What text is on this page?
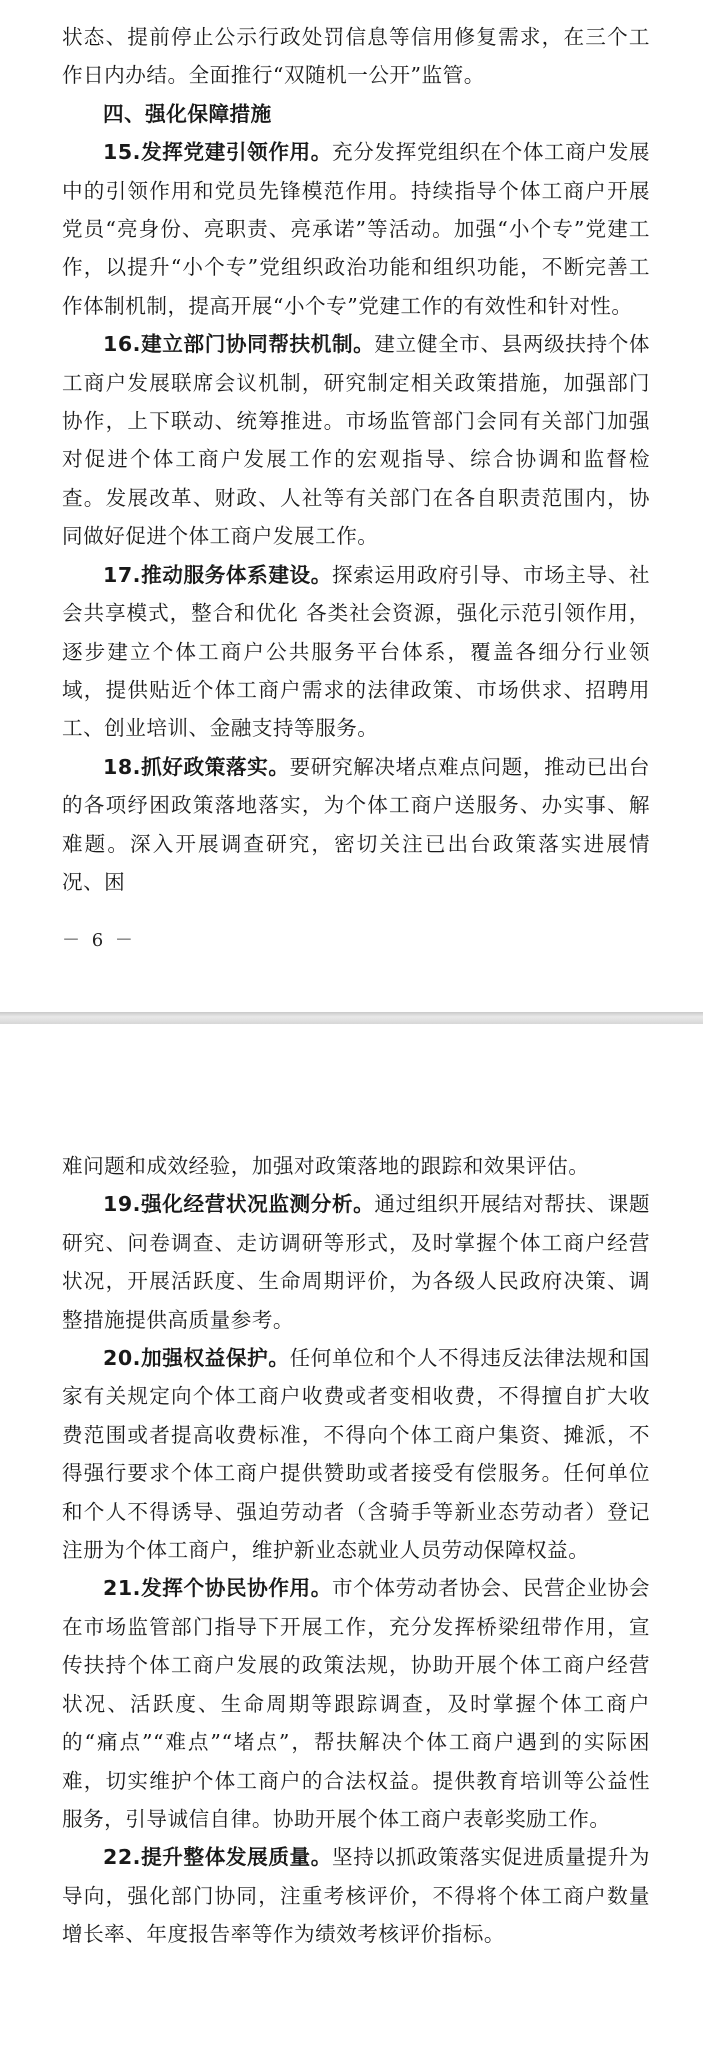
状态、提前停止公示行政处罚信息等信用修复需求，在三个工作日内办结。全面推行“双随机一公开”监管。

四、强化保障措施

15.发挥党建引领作用。充分发挥党组织在个体工商户发展中的引领作用和党员先锋模范作用。持续指导个体工商户开展党员“亮身份、亮职责、亮承诺”等活动。加强“小个专”党建工作，以提升“小个专”党组织政治功能和组织功能，不断完善工作体制机制，提高开展“小个专”党建工作的有效性和针对性。

16.建立部门协同帮扶机制。建立健全市、县两级扶持个体工商户发展联席会议机制，研究制定相关政策措施，加强部门协作，上下联动、统筹推进。市场监管部门会同有关部门加强对促进个体工商户发展工作的宏观指导、综合协调和监督检查。发展改革、财政、人社等有关部门在各自职责范围内，协同做好促进个体工商户发展工作。

17.推动服务体系建设。探索运用政府引导、市场主导、社会共享模式，整合和优化 各类社会资源，强化示范引领作用，逐步建立个体工商户公共服务平台体系，覆盖各细分行业领域，提供贴近个体工商户需求的法律政策、市场供求、招聘用工、创业培训、金融支持等服务。

18.抓好政策落实。要研究解决堵点难点问题，推动已出台的各项纾困政策落地落实，为个体工商户送服务、办实事、解难题。深入开展调查研究，密切关注已出台政策落实进展情况、困

－ 6 －

难问题和成效经验，加强对政策落地的跟踪和效果评估。

19.强化经营状况监测分析。通过组织开展结对帮扶、课题研究、问卷调查、走访调研等形式，及时掌握个体工商户经营状况，开展活跃度、生命周期评价，为各级人民政府决策、调整措施提供高质量参考。

20.加强权益保护。任何单位和个人不得违反法律法规和国家有关规定向个体工商户收费或者变相收费，不得擅自扩大收费范围或者提高收费标准，不得向个体工商户集资、摊派，不得强行要求个体工商户提供赞助或者接受有偿服务。任何单位和个人不得诱导、强迫劳动者（含骑手等新业态劳动者）登记注册为个体工商户，维护新业态就业人员劳动保障权益。

21.发挥个协民协作用。市个体劳动者协会、民营企业协会在市场监管部门指导下开展工作，充分发挥桥梁纽带作用，宣传扶持个体工商户发展的政策法规，协助开展个体工商户经营状况、活跃度、生命周期等跟踪调查，及时掌握个体工商户的“痛点”“难点”“堵点”，帮扶解决个体工商户遇到的实际困难，切实维护个体工商户的合法权益。提供教育培训等公益性服务，引导诚信自律。协助开展个体工商户表彰奖励工作。

22.提升整体发展质量。坚持以抓政策落实促进质量提升为导向，强化部门协同，注重考核评价，不得将个体工商户数量增长率、年度报告率等作为绩效考核评价指标。
